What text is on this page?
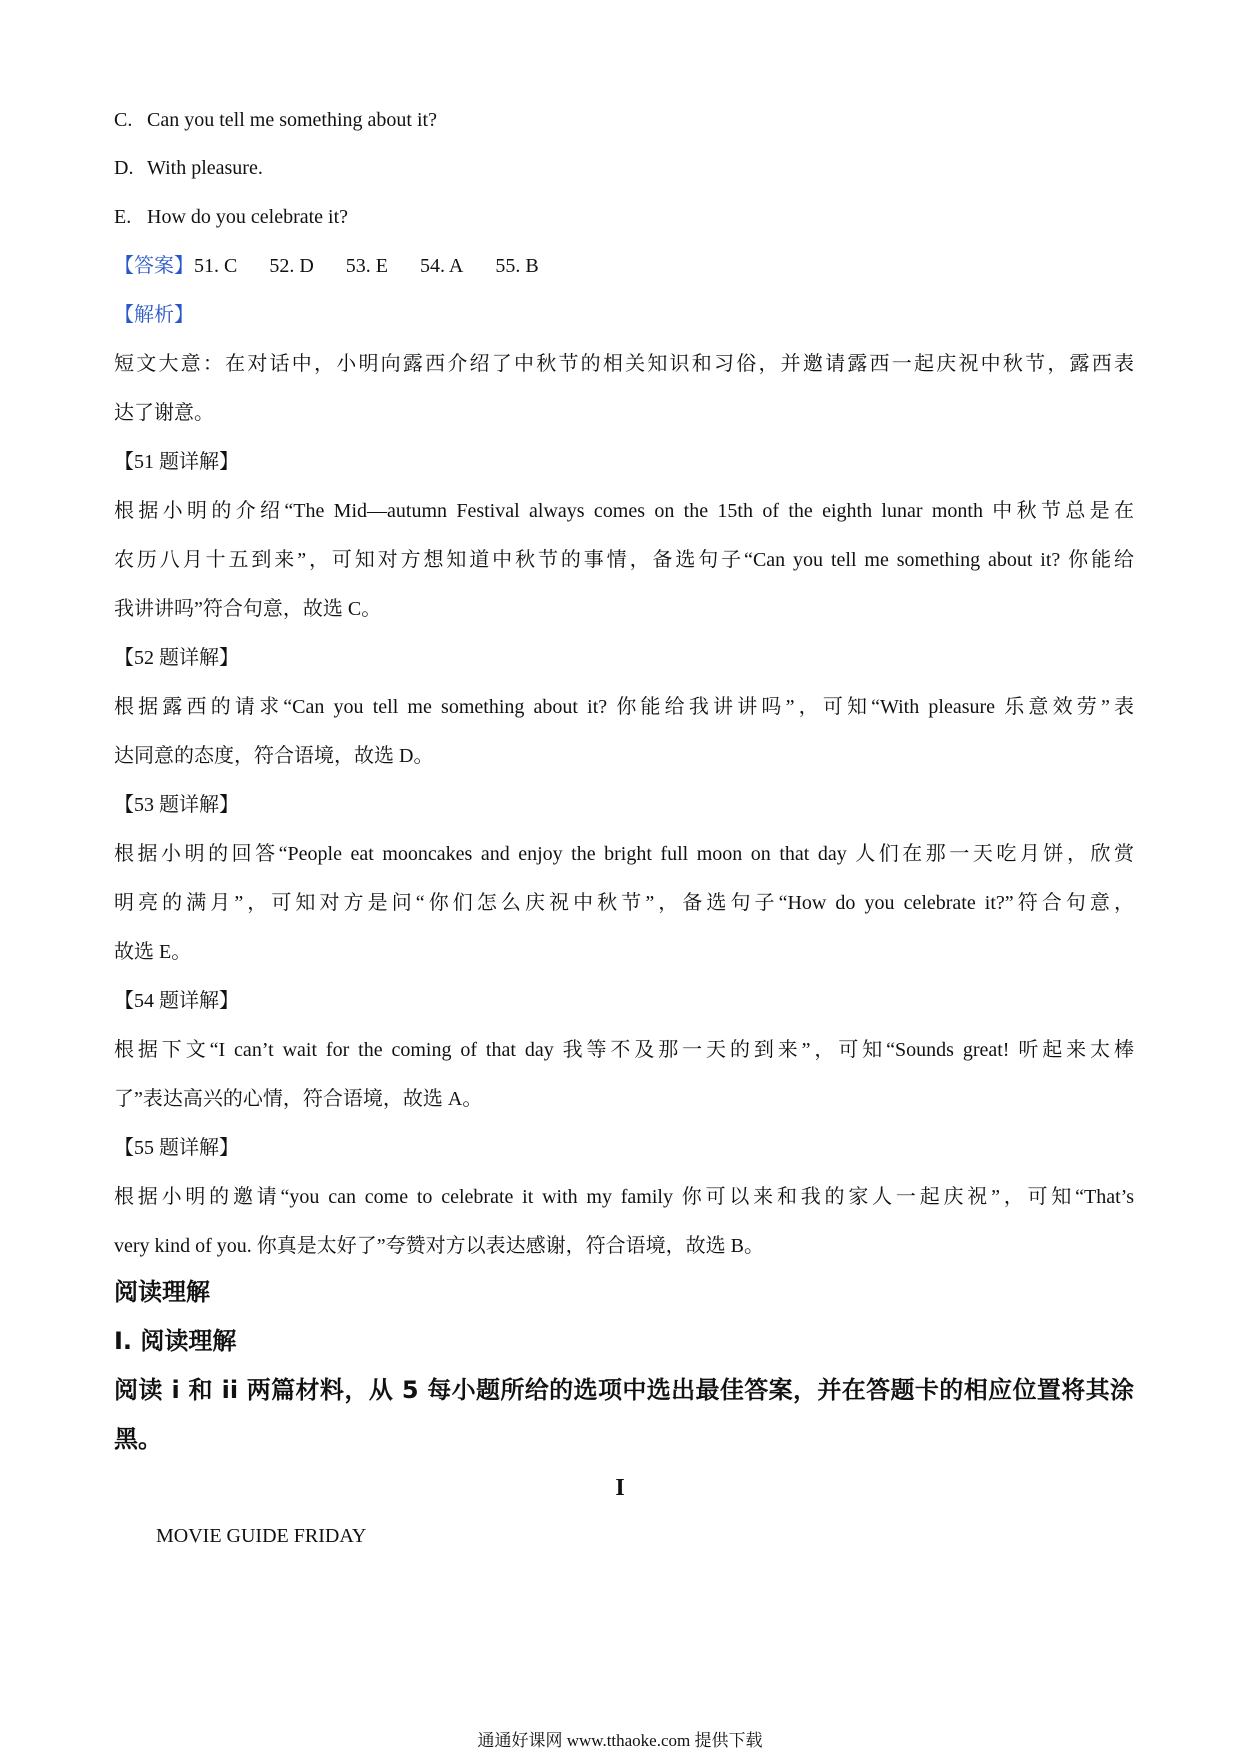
C. Can you tell me something about it?
D. With pleasure.
E. How do you celebrate it?
【答案】51. C 52. D 53. E 54. A 55. B
【解析】
短文大意：在对话中，小明向露西介绍了中秋节的相关知识和习俗，并邀请露西一起庆祝中秋节，露西表
达了谢意。
【51 题详解】
根据小明的介绍“The Mid—autumn Festival always comes on the 15th of the eighth lunar month 中秋节总是在
农历八月十五到来”，可知对方想知道中秋节的事情，备选句子“Can you tell me something about it? 你能给
我讲讲吗”符合句意，故选 C。
【52 题详解】
根据露西的请求“Can you tell me something about it? 你能给我讲讲吗”，可知“With pleasure 乐意效劳”表
达同意的态度，符合语境，故选 D。
【53 题详解】
根据小明的回答“People eat mooncakes and enjoy the bright full moon on that day 人们在那一天吃月饼，欣赏
明亮的满月”，可知对方是问“你们怎么庆祝中秋节”，备选句子“How do you celebrate it?”符合句意，
故选 E。
【54 题详解】
根据下文“I can’t wait for the coming of that day 我等不及那一天的到来”，可知“Sounds great! 听起来太棒
了”表达高兴的心情，符合语境，故选 A。
【55 题详解】
根据小明的邀请“you can come to celebrate it with my family 你可以来和我的家人一起庆祝”，可知“That’s
very kind of you. 你真是太好了”夸赞对方以表达感谢，符合语境，故选 B。
阅读理解
Ⅰ. 阅读理解
阅读 i 和 ii 两篇材料，从 5 每小题所给的选项中选出最佳答案，并在答题卡的相应位置将其涂
黑。
I
MOVIE GUIDE FRIDAY
通通好课网 www.tthaoke.com 提供下载
